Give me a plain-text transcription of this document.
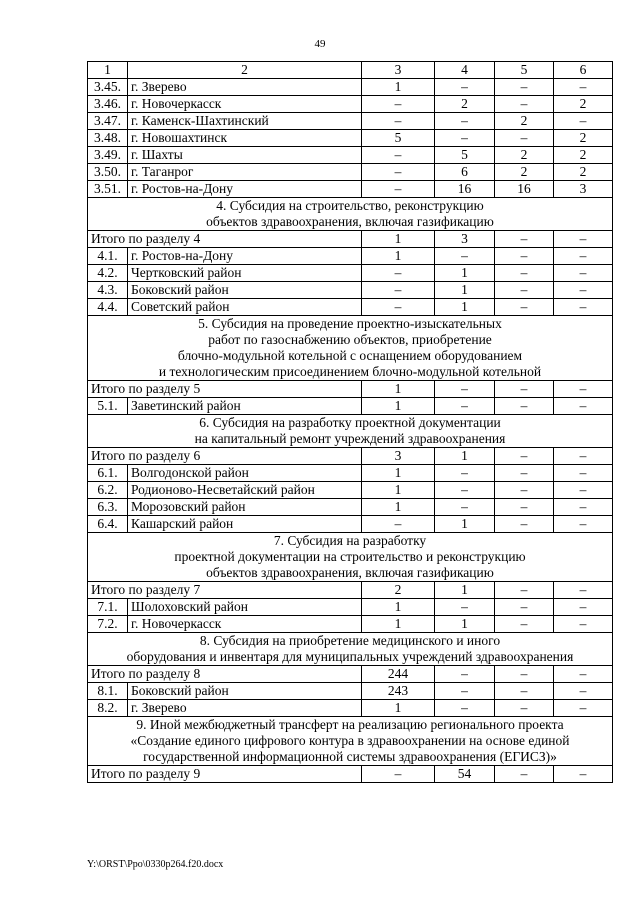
49
1	2	3	4	5	6
3.45.	г. Зверево	1	–	–	–
3.46.	г. Новочеркасск	–	2	–	2
3.47.	г. Каменск-Шахтинский	–	–	2	–
3.48.	г. Новошахтинск	5	–	–	2
3.49.	г. Шахты	–	5	2	2
3.50.	г. Таганрог	–	6	2	2
3.51.	г. Ростов-на-Дону	–	16	16	3

4. Субсидия на строительство, реконструкцию
объектов здравоохранения, включая газификацию					

Итого по разделу 4		1	3	–	–
4.1.	г. Ростов-на-Дону	1	–	–	–
4.2.	Чертковский район	–	1	–	–
4.3.	Боковский район	–	1	–	–
4.4.	Советский район	–	1	–	–

5. Субсидия на проведение проектно-изыскательных
работ по газоснабжению объектов, приобретение
блочно-модульной котельной с оснащением оборудованием
и технологическим присоединением блочно-модульной котельной					

Итого по разделу 5		1	–	–	–
5.1.	Заветинский район	1	–	–	–

6. Субсидия на разработку проектной документации
на капитальный ремонт учреждений здравоохранения					

Итого по разделу 6		3	1	–	–
6.1.	Волгодонской район	1	–	–	–
6.2.	Родионово-Несветайский район	1	–	–	–
6.3.	Морозовский район	1	–	–	–
6.4.	Кашарский район	–	1	–	–

7. Субсидия на разработку
проектной документации на строительство и реконструкцию
объектов здравоохранения, включая газификацию					

Итого по разделу 7		2	1	–	–
7.1.	Шолоховский район	1	–	–	–
7.2.	г. Новочеркасск	1	1	–	–

8. Субсидия на приобретение медицинского и иного
оборудования и инвентаря для муниципальных учреждений здравоохранения					

Итого по разделу 8		244	–	–	–
8.1.	Боковский район	243	–	–	–
8.2.	г. Зверево	1	–	–	–

9. Иной межбюджетный трансферт на реализацию регионального проекта
«Создание единого цифрового контура в здравоохранении на основе единой
государственной информационной системы здравоохранения (ЕГИСЗ)»					

Итого по разделу 9		–	54	–	–
Y:\ORST\Ppo\0330p264.f20.docx
